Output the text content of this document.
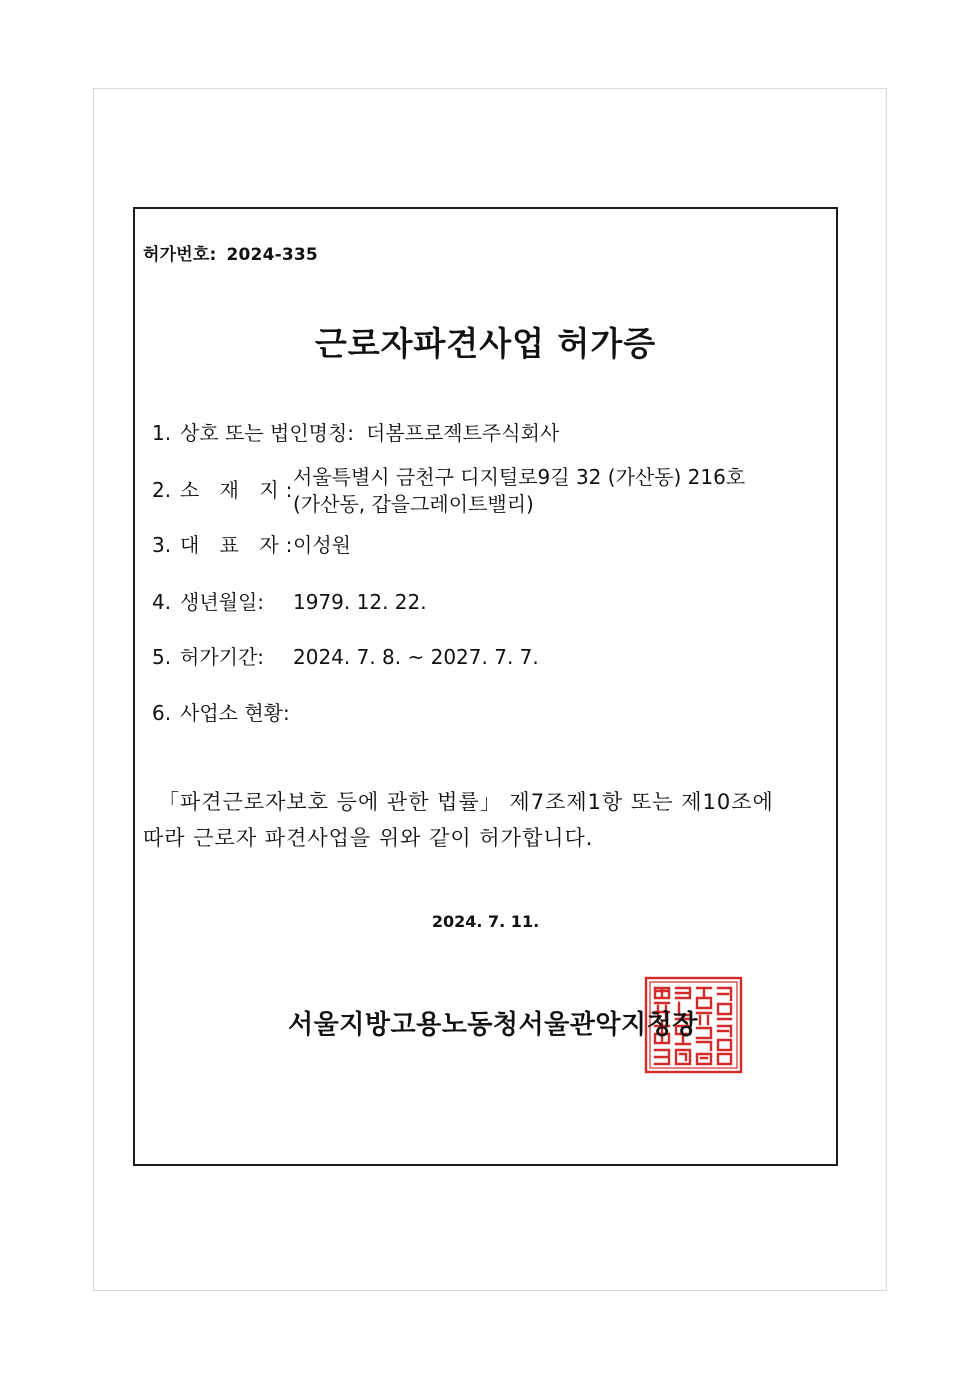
허가번호: 2024-335
근로자파견사업 허가증
1. 상호 또는 법인명칭: 더봄프로젝트주식회사
2. 소 재 지:
서울특별시 금천구 디지털로9길 32 (가산동) 216호
(가산동, 갑을그레이트밸리)
3. 대 표 자:이성원
4. 생년월일: 1979. 12. 22.
5. 허가기간: 2024. 7. 8. ~ 2027. 7. 7.
6. 사업소 현황:
「파견근로자보호 등에 관한 법률」 제7조제1항 또는 제10조에
따라 근로자 파견사업을 위와 같이 허가합니다.
2024. 7. 11.
서울지방고용노동청서울관악지청장
